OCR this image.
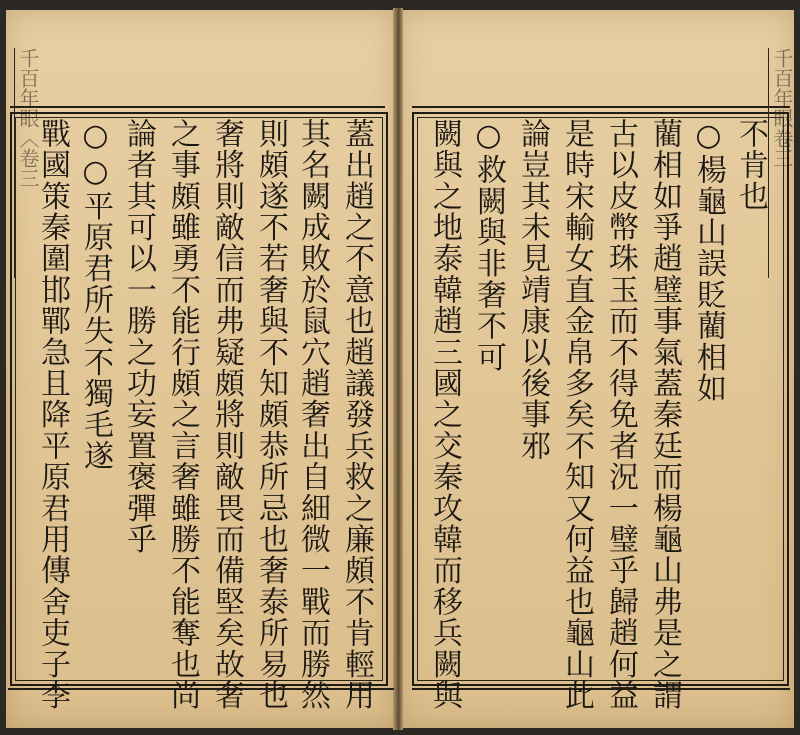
千百年眼〈卷三	千百年眼卷三
蓋出趙之不意也趙議發兵救之廉頗不肯輕用
其名闕成敗於鼠穴趙奢出自細微一戰而勝然
則頗遂不若奢與不知頗恭所忌也奢泰所易也
奢將則敵信而弗疑頗將則敵畏而備堅矣故奢
之事頗雖勇不能行頗之言奢雖勝不能奪也尚
論者其可以一勝之功妄置褒彈乎
○○平原君所失不獨毛遂
戰國策秦圍邯鄲急且降平原君用傳舍吏子李	不肯也
○楊龜山誤貶藺相如
藺相如爭趙璧事氣蓋秦廷而楊龜山弗是之謂
古以皮幣珠玉而不得免者況一璧乎歸趙何益
是時宋輸女直金帛多矣不知又何益也龜山此
論豈其未見靖康以後事邪
○救闕與非奢不可
闕與之地泰韓趙三國之交秦攻韓而移兵闕與
